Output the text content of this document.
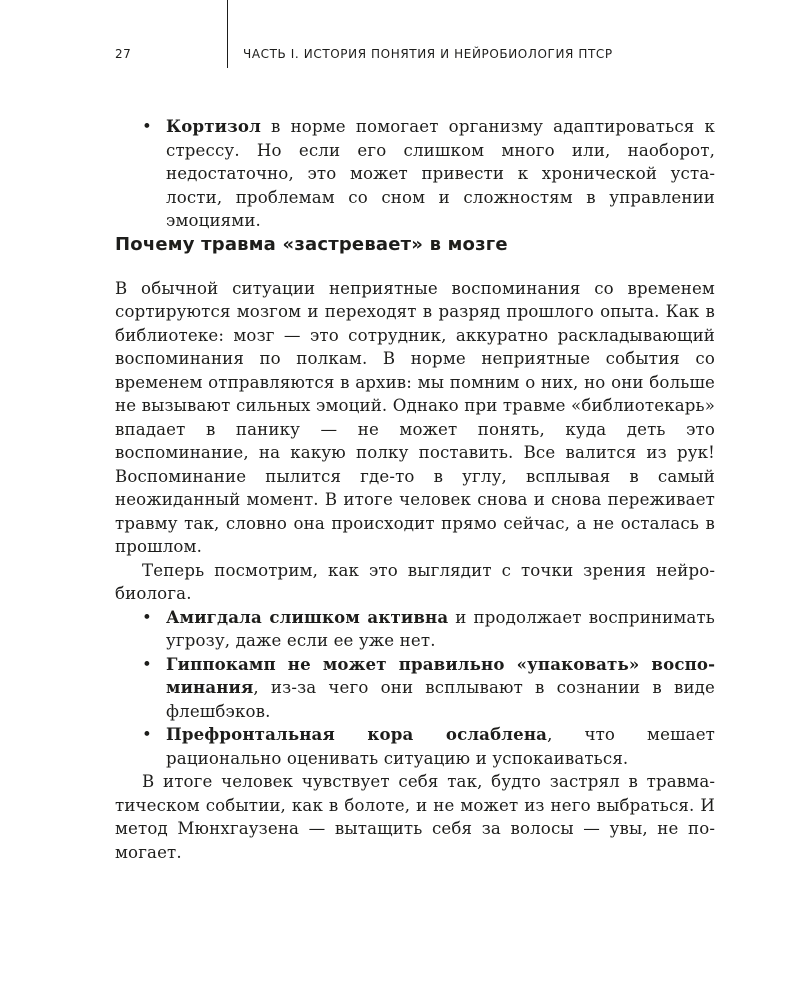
27	ЧАСТЬ I. ИСТОРИЯ ПОНЯТИЯ И НЕЙРОБИОЛОГИЯ ПТСР
• Кортизол в норме помогает организму адаптироваться к стрессу. Но если его слишком много или, наоборот, недостаточно, это может привести к хронической усталости, проблемам со сном и сложностям в управлении эмоциями.
Почему травма «застревает» в мозге

В обычной ситуации неприятные воспоминания со временем сортируются мозгом и переходят в разряд прошлого опыта. Как в библиотеке: мозг — это сотрудник, аккуратно раскладывающий воспоминания по полкам. В норме неприятные события со временем отправляются в архив: мы помним о них, но они больше не вызывают сильных эмоций. Однако при травме «библиотекарь» впадает в панику — не может понять, куда деть это воспоминание, на какую полку поставить. Все валится из рук! Воспоминание пылится где-то в углу, всплывая в самый неожиданный момент. В итоге человек снова и снова переживает травму так, словно она происходит прямо сейчас, а не осталась в прошлом.

Теперь посмотрим, как это выглядит с точки зрения нейробиолога.

• Амигдала слишком активна и продолжает воспринимать угрозу, даже если ее уже нет.
• Гиппокамп не может правильно «упаковать» воспоминания, из-за чего они всплывают в сознании в виде флешбэков.
• Префронтальная кора ослаблена, что мешает рационально оценивать ситуацию и успокаиваться.

В итоге человек чувствует себя так, будто застрял в травматическом событии, как в болоте, и не может из него выбраться. И метод Мюнхгаузена — вытащить себя за волосы — увы, не помогает.
